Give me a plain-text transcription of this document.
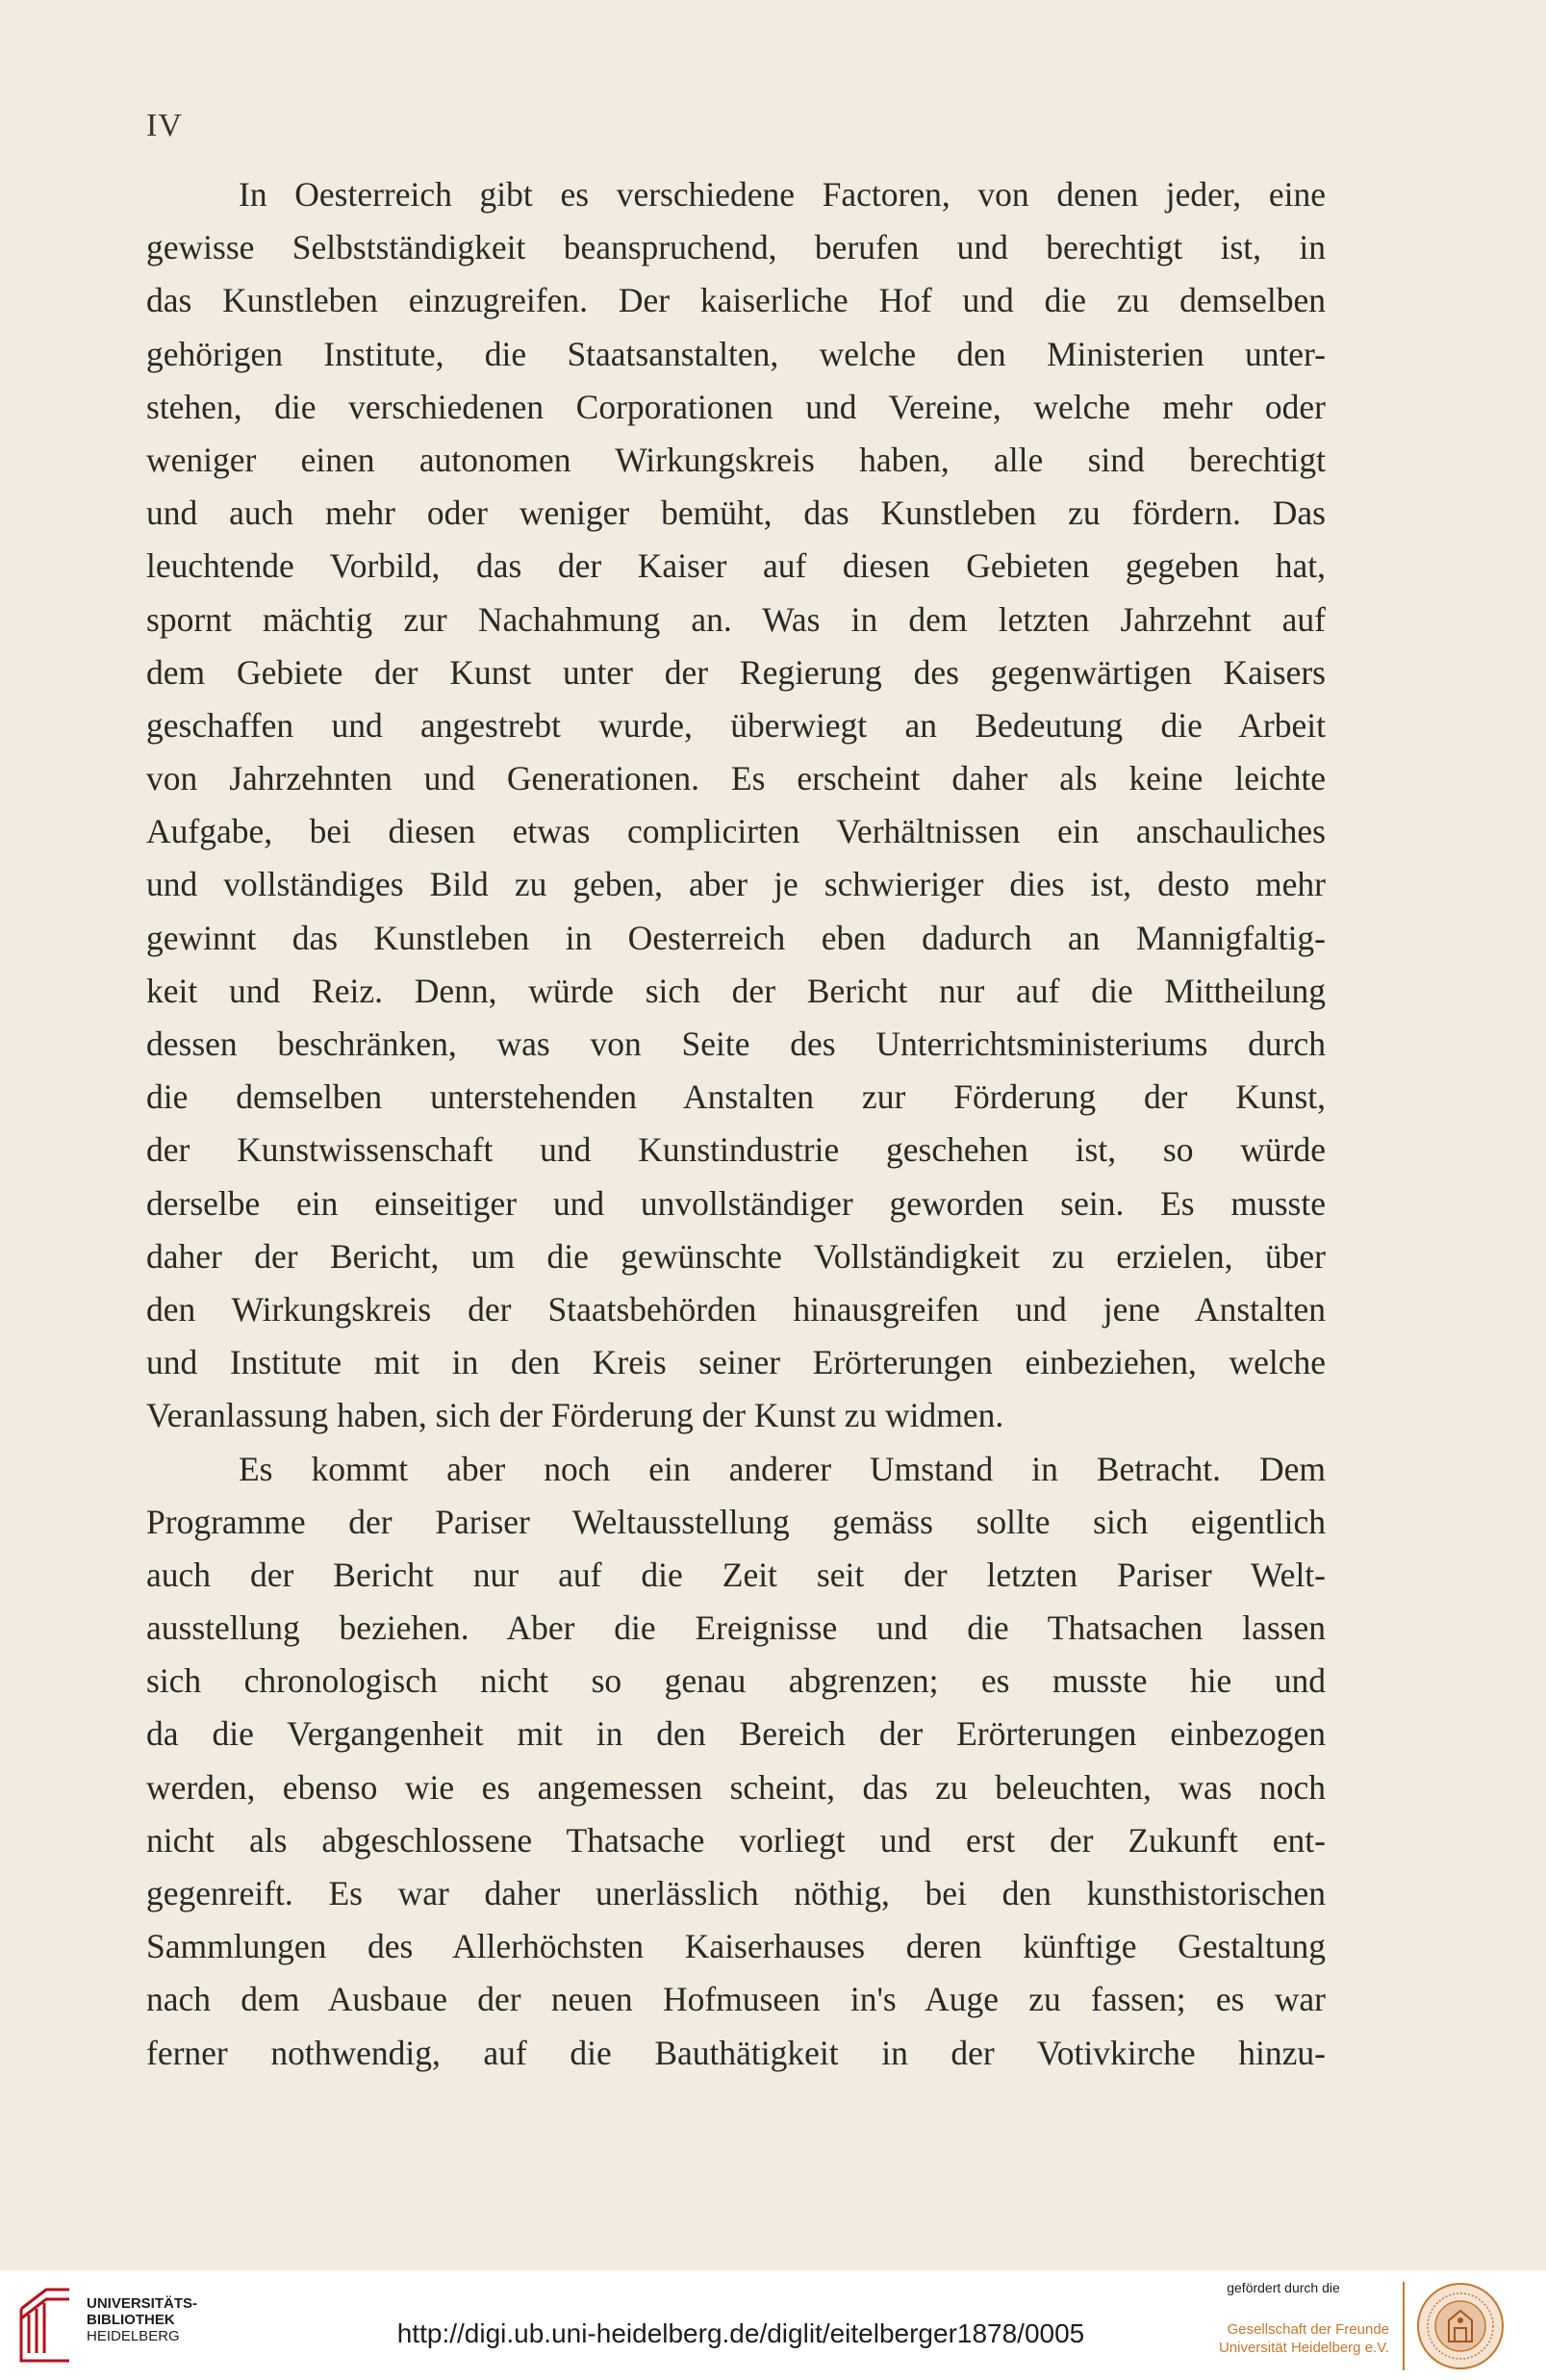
IV
In Oesterreich gibt es verschiedene Factoren, von denen jeder, eine
gewisse Selbstständigkeit beanspruchend, berufen und berechtigt ist, in
das Kunstleben einzugreifen. Der kaiserliche Hof und die zu demselben
gehörigen Institute, die Staatsanstalten, welche den Ministerien unter-
stehen, die verschiedenen Corporationen und Vereine, welche mehr oder
weniger einen autonomen Wirkungskreis haben, alle sind berechtigt
und auch mehr oder weniger bemüht, das Kunstleben zu fördern. Das
leuchtende Vorbild, das der Kaiser auf diesen Gebieten gegeben hat,
spornt mächtig zur Nachahmung an. Was in dem letzten Jahrzehnt auf
dem Gebiete der Kunst unter der Regierung des gegenwärtigen Kaisers
geschaffen und angestrebt wurde, überwiegt an Bedeutung die Arbeit
von Jahrzehnten und Generationen. Es erscheint daher als keine leichte
Aufgabe, bei diesen etwas complicirten Verhältnissen ein anschauliches
und vollständiges Bild zu geben, aber je schwieriger dies ist, desto mehr
gewinnt das Kunstleben in Oesterreich eben dadurch an Mannigfaltig-
keit und Reiz. Denn, würde sich der Bericht nur auf die Mittheilung
dessen beschränken, was von Seite des Unterrichtsministeriums durch
die demselben unterstehenden Anstalten zur Förderung der Kunst,
der Kunstwissenschaft und Kunstindustrie geschehen ist, so würde
derselbe ein einseitiger und unvollständiger geworden sein. Es musste
daher der Bericht, um die gewünschte Vollständigkeit zu erzielen, über
den Wirkungskreis der Staatsbehörden hinausgreifen und jene Anstalten
und Institute mit in den Kreis seiner Erörterungen einbeziehen, welche
Veranlassung haben, sich der Förderung der Kunst zu widmen.
Es kommt aber noch ein anderer Umstand in Betracht. Dem
Programme der Pariser Weltausstellung gemäss sollte sich eigentlich
auch der Bericht nur auf die Zeit seit der letzten Pariser Welt-
ausstellung beziehen. Aber die Ereignisse und die Thatsachen lassen
sich chronologisch nicht so genau abgrenzen; es musste hie und
da die Vergangenheit mit in den Bereich der Erörterungen einbezogen
werden, ebenso wie es angemessen scheint, das zu beleuchten, was noch
nicht als abgeschlossene Thatsache vorliegt und erst der Zukunft ent-
gegenreift. Es war daher unerlässlich nöthig, bei den kunsthistorischen
Sammlungen des Allerhöchsten Kaiserhauses deren künftige Gestaltung
nach dem Ausbaue der neuen Hofmuseen in's Auge zu fassen; es war
ferner nothwendig, auf die Bauthätigkeit in der Votivkirche hinzu-
UNIVERSITÄTS-
BIBLIOTHEK
HEIDELBERG	http://digi.ub.uni-heidelberg.de/diglit/eitelberger1878/0005
gefördert durch die
Gesellschaft der Freunde
Universität Heidelberg e.V.
